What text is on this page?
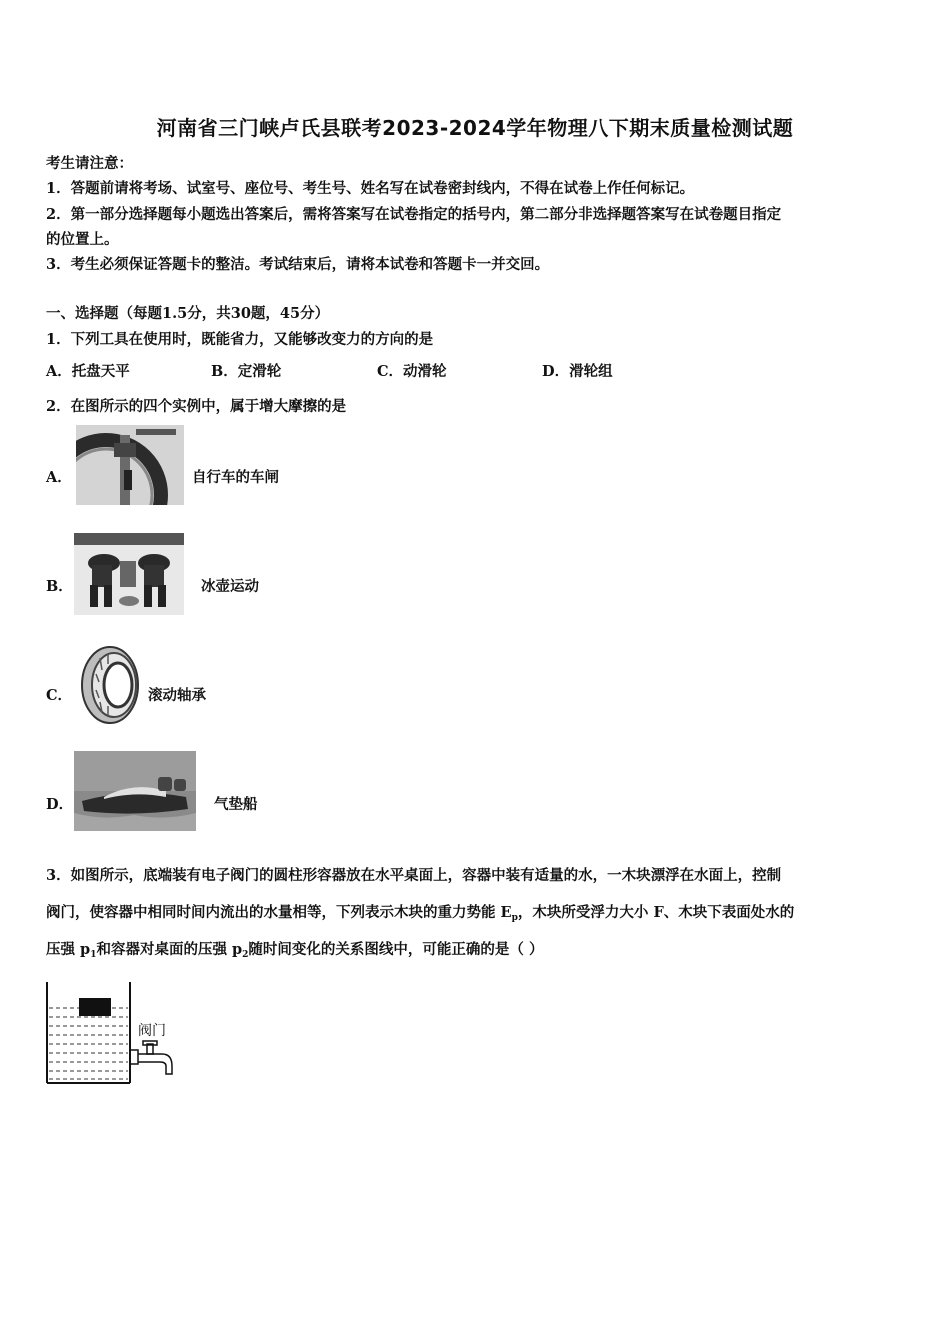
河南省三门峡卢氏县联考2023-2024学年物理八下期末质量检测试题
考生请注意：
1．答题前请将考场、试室号、座位号、考生号、姓名写在试卷密封线内，不得在试卷上作任何标记。
2．第一部分选择题每小题选出答案后，需将答案写在试卷指定的括号内，第二部分非选择题答案写在试卷题目指定
的位置上。
3．考生必须保证答题卡的整洁。考试结束后，请将本试卷和答题卡一并交回。
一、选择题（每题1.5分，共30题，45分）
1．下列工具在使用时，既能省力，又能够改变力的方向的是
A．托盘天平	B．定滑轮	C．动滑轮	D．滑轮组
2．在图所示的四个实例中，属于增大摩擦的是
A．	自行车的车闸
B．	冰壶运动
C．	滚动轴承
D．	气垫船
3．如图所示，底端装有电子阀门的圆柱形容器放在水平桌面上，容器中装有适量的水，一木块漂浮在水面上，控制
阀门，使容器中相同时间内流出的水量相等，下列表示木块的重力势能 $E_p$，木块所受浮力大小 F、木块下表面处水的
压强 $p_1$和容器对桌面的压强 $p_2$随时间变化的关系图线中，可能正确的是（ ）
阀门
